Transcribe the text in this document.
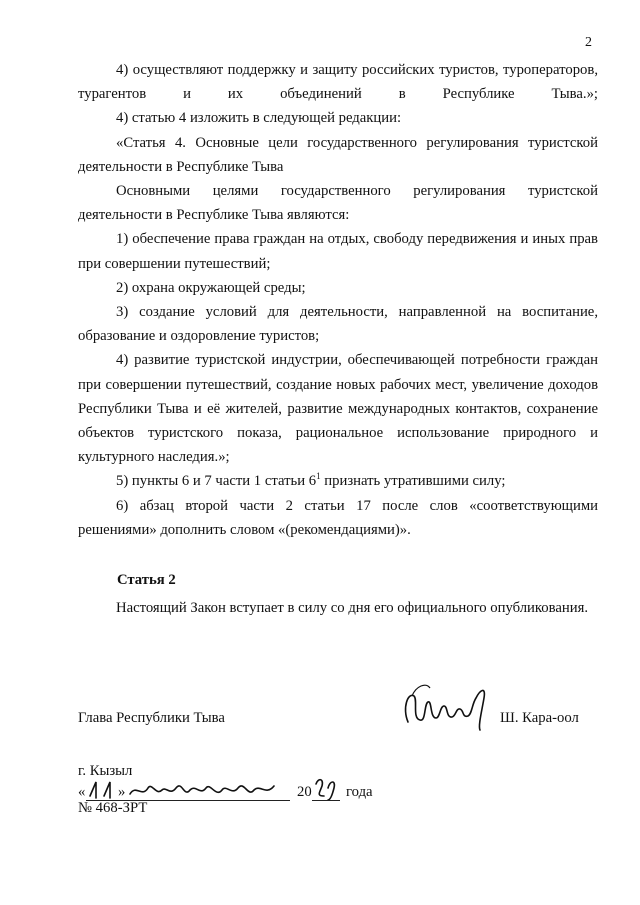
2

4) осуществляют поддержку и защиту российских туристов, туроператоров, турагентов и их объединений в Республике Тыва.»;

4) статью 4 изложить в следующей редакции:

«Статья 4. Основные цели государственного регулирования туристской деятельности в Республике Тыва

Основными целями государственного регулирования туристской деятельности в Республике Тыва являются:

1) обеспечение права граждан на отдых, свободу передвижения и иных прав при совершении путешествий;

2) охрана окружающей среды;

3) создание условий для деятельности, направленной на воспитание, образование и оздоровление туристов;

4) развитие туристской индустрии, обеспечивающей потребности граждан при совершении путешествий, создание новых рабочих мест, увеличение доходов Республики Тыва и её жителей, развитие международных контактов, сохранение объектов туристского показа, рациональное использование природного и культурного наследия.»;

5) пункты 6 и 7 части 1 статьи $6^1$ признать утратившими силу;

6) абзац второй части 2 статьи 17 после слов «соответствующими решениями» дополнить словом «(рекомендациями)».

Статья 2

Настоящий Закон вступает в силу со дня его официального опубликования.

Глава Республики Тыва	Ш. Кара-оол
г. Кызыл
« »	20 года
№ 468-ЗРТ
